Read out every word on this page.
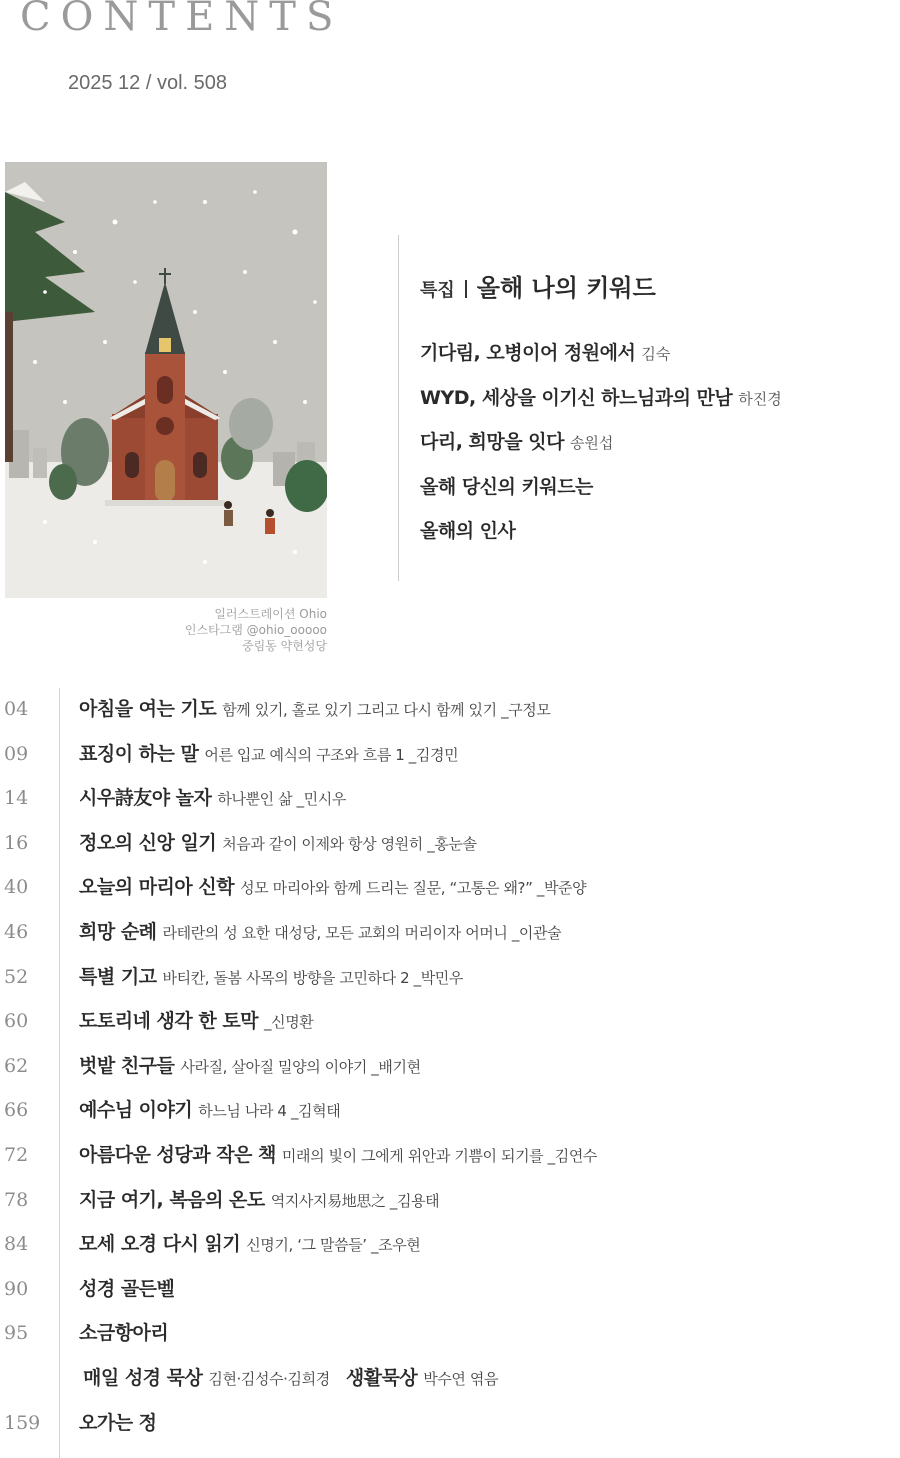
CONTENTS
2025 12 / vol. 508
일러스트레이션 Ohio
인스타그램 @ohio_ooooo
중림동 약현성당
특집 올해 나의 키워드
기다림, 오병이어 정원에서 김숙
WYD, 세상을 이기신 하느님과의 만남 하진경
다리, 희망을 잇다 송원섭
올해 당신의 키워드는
올해의 인사
04	아침을 여는 기도 함께 있기, 홀로 있기 그리고 다시 함께 있기 _구정모
09	표징이 하는 말 어른 입교 예식의 구조와 흐름 1 _김경민
14	시우詩友야 놀자 하나뿐인 삶 _민시우
16	정오의 신앙 일기 처음과 같이 이제와 항상 영원히 _홍눈솔
40	오늘의 마리아 신학 성모 마리아와 함께 드리는 질문, “고통은 왜?” _박준양
46	희망 순례 라테란의 성 요한 대성당, 모든 교회의 머리이자 어머니 _이관술
52	특별 기고 바티칸, 돌봄 사목의 방향을 고민하다 2 _박민우
60	도토리네 생각 한 토막 _신명환
62	벗밭 친구들 사라질, 살아질 밀양의 이야기 _배기현
66	예수님 이야기 하느님 나라 4 _김혁태
72	아름다운 성당과 작은 책 미래의 빛이 그에게 위안과 기쁨이 되기를 _김연수
78	지금 여기, 복음의 온도 역지사지易地思之 _김용태
84	모세 오경 다시 읽기 신명기, ‘그 말씀들’ _조우현
90	성경 골든벨
95	소금항아리
매일 성경 묵상 김현·김성수·김희경 생활묵상 박수연 엮음
159 오가는 정
